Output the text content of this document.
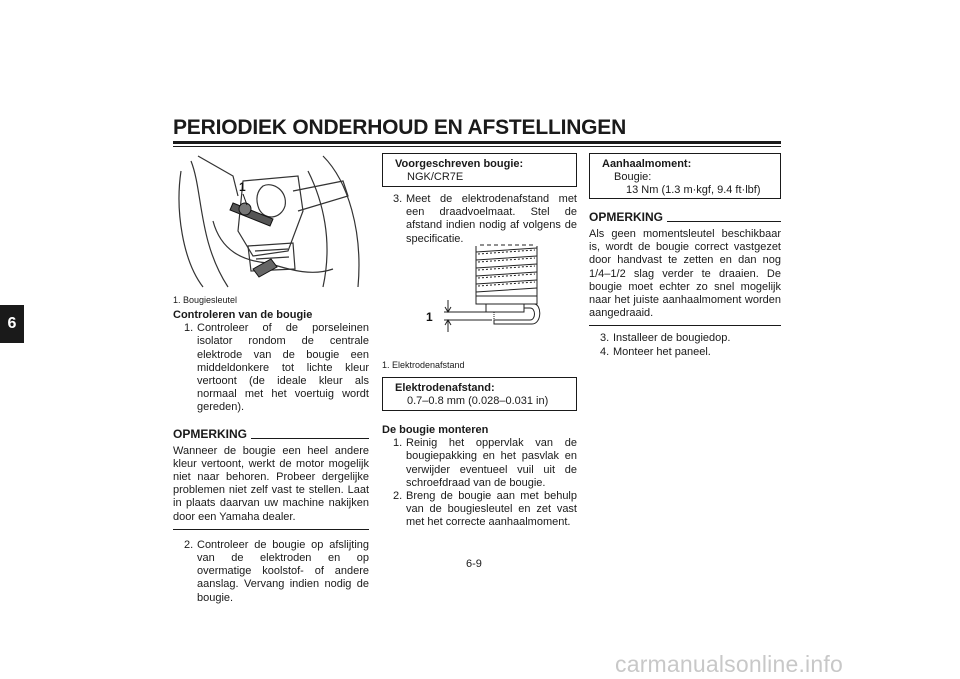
PERIODIEK ONDERHOUD EN AFSTELLINGEN
6
1
1. Bougiesleutel
Controleren van de bougie
1. Controleer of de porseleinen isolator rondom de centrale elektrode van de bougie een middeldonkere tot lichte kleur vertoont (de ideale kleur als normaal met het voertuig wordt gereden).
OPMERKING
Wanneer de bougie een heel andere kleur vertoont, werkt de motor mogelijk niet naar behoren. Probeer dergelijke problemen niet zelf vast te stellen. Laat in plaats daarvan uw machine nakijken door een Yamaha dealer.
2. Controleer de bougie op afslijting van de elektroden en op overmatige koolstof- of andere aanslag. Vervang indien nodig de bougie.
Voorgeschreven bougie:
NGK/CR7E
3. Meet de elektrodenafstand met een draadvoelmaat. Stel de afstand indien nodig af volgens de specificatie.
1
1. Elektrodenafstand
Elektrodenafstand:
0.7–0.8 mm (0.028–0.031 in)
De bougie monteren
1. Reinig het oppervlak van de bougiepakking en het pasvlak en verwijder eventueel vuil uit de schroefdraad van de bougie.
2. Breng de bougie aan met behulp van de bougiesleutel en zet vast met het correcte aanhaalmoment.
Aanhaalmoment:
Bougie:
13 Nm (1.3 m·kgf, 9.4 ft·lbf)
OPMERKING
Als geen momentsleutel beschikbaar is, wordt de bougie correct vastgezet door handvast te zetten en dan nog 1/4–1/2 slag verder te draaien. De bougie moet echter zo snel mogelijk naar het juiste aanhaalmoment worden aangedraaid.
3. Installeer de bougiedop.
4. Monteer het paneel.
6-9
carmanualsonline.info
